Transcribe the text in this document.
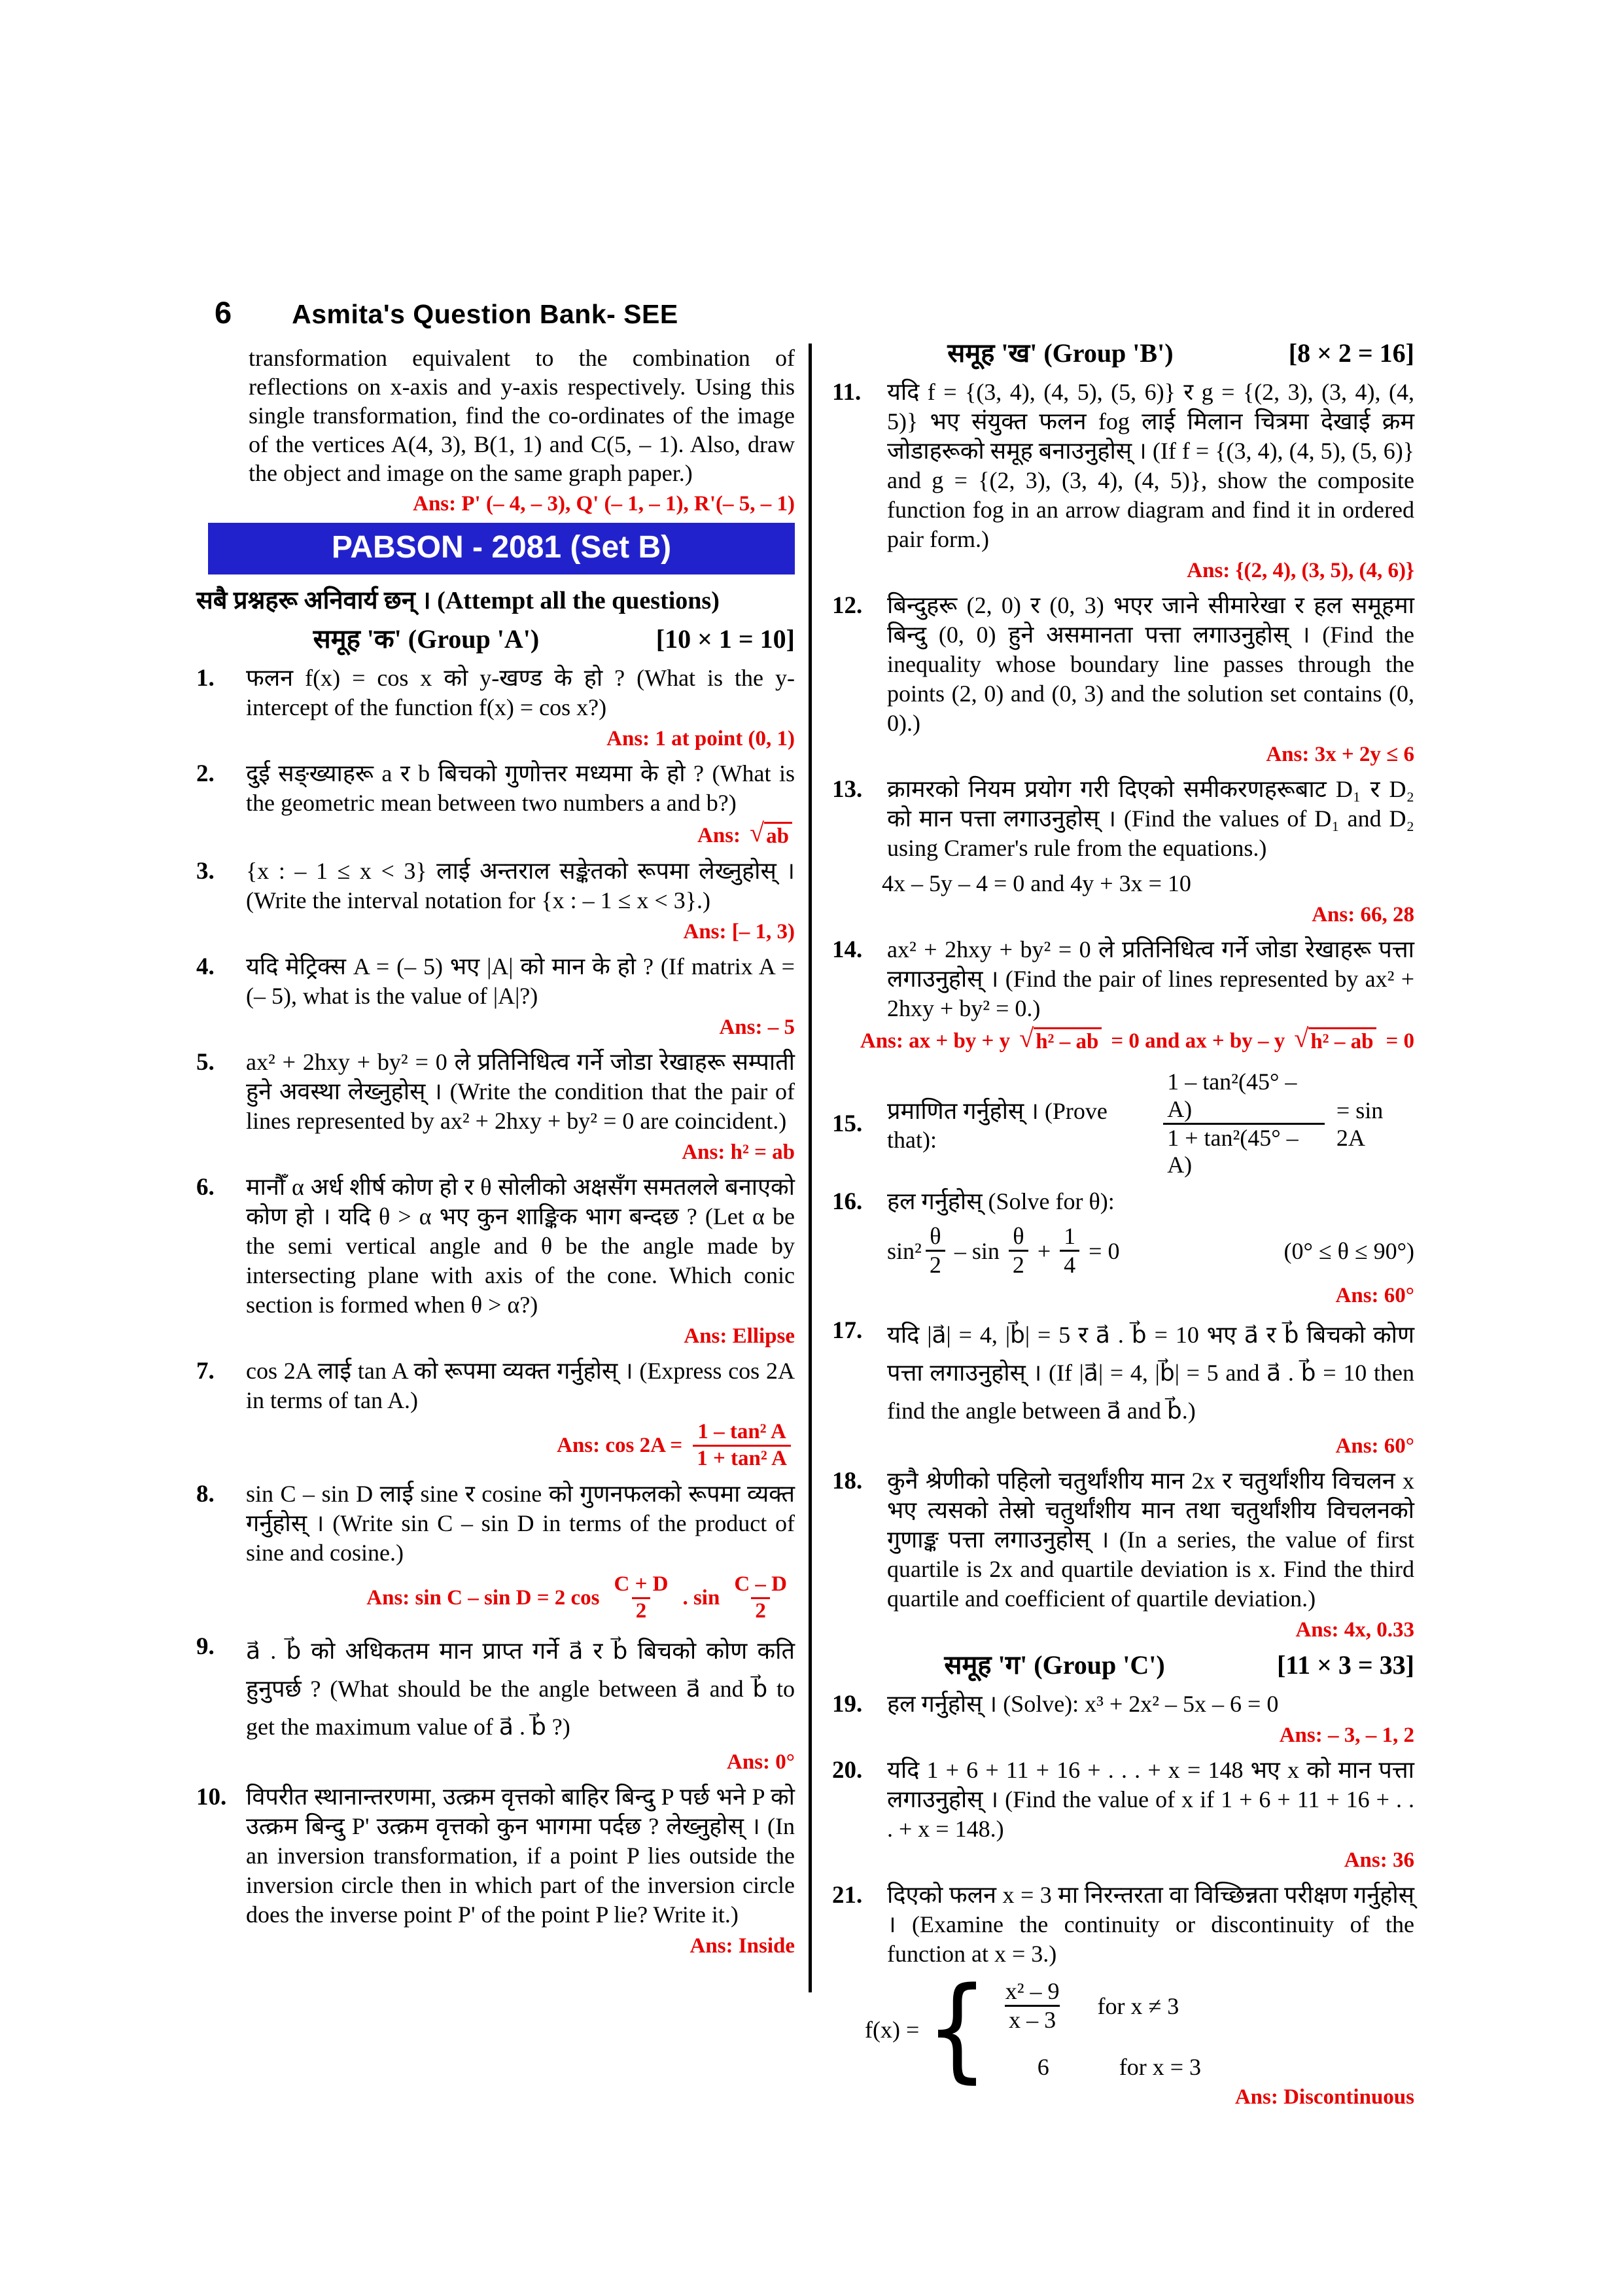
6 Asmita's Question Bank- SEE

transformation equivalent to the combination of reflections on x-axis and y-axis respectively. Using this single transformation, find the co-ordinates of the image of the vertices A(4, 3), B(1, 1) and C(5, – 1). Also, draw the object and image on the same graph paper.)

Ans: P' (– 4, – 3), Q' (– 1, – 1), R'(– 5, – 1)
PABSON - 2081 (Set B)
सबै प्रश्नहरू अनिवार्य छन् । (Attempt all the questions)
समूह 'क' (Group 'A')	[10 × 1 = 10]
1.	फलन f(x) = cos x को y-खण्ड के हो ? (What is the y-intercept of the function f(x) = cos x?)
Ans: 1 at point (0, 1)
2.	दुई सङ्ख्याहरू a र b बिचको गुणोत्तर मध्यमा के हो ? (What is the geometric mean between two numbers a and b?)
Ans: √ ab
3.	{x : – 1 ≤ x < 3} लाई अन्तराल सङ्केतको रूपमा लेख्नुहोस् । (Write the interval notation for {x : – 1 ≤ x < 3}.)
Ans: [– 1, 3)
4.	यदि मेट्रिक्स A = (– 5) भए |A| को मान के हो ? (If matrix A = (– 5), what is the value of |A|?)
Ans: – 5
5.	ax² + 2hxy + by² = 0 ले प्रतिनिधित्व गर्ने जोडा रेखाहरू सम्पाती हुने अवस्था लेख्नुहोस् । (Write the condition that the pair of lines represented by ax² + 2hxy + by² = 0 are coincident.)
Ans: h² = ab
6.	मानौँ α अर्ध शीर्ष कोण हो र θ सोलीको अक्षसँग समतलले बनाएको कोण हो । यदि θ > α भए कुन शाङ्किक भाग बन्दछ ? (Let α be the semi vertical angle and θ be the angle made by intersecting plane with axis of the cone. Which conic section is formed when θ > α?)
Ans: Ellipse
7.	cos 2A लाई tan A को रूपमा व्यक्त गर्नुहोस् । (Express cos 2A in terms of tan A.)
Ans: $\cos 2A = \frac{\text{1 – tan² A}}{\text{1 + tan² A}}$
8.	sin C – sin D लाई sine र cosine को गुणनफलको रूपमा व्यक्त गर्नुहोस् । (Write sin C – sin D in terms of the product of sine and cosine.)
Ans: sin C – sin D = 2 $\cos \frac{C + D}{2}$ . $\sin \frac{C - D}{2}$
9.	a⃗ . b⃗ को अधिकतम मान प्राप्त गर्ने a⃗ र b⃗ बिचको कोण कति हुनुपर्छ ? (What should be the angle between a⃗ and b⃗ to get the maximum value of a⃗ . b⃗ ?)
Ans: 0°
10. विपरीत स्थानान्तरणमा, उत्क्रम वृत्तको बाहिर बिन्दु P पर्छ भने P को उत्क्रम बिन्दु P' उत्क्रम वृत्तको कुन भागमा पर्दछ ? लेख्नुहोस् । (In an inversion transformation, if a point P lies outside the inversion circle then in which part of the inversion circle does the inverse point P' of the point P lie? Write it.)
Ans: Inside
समूह 'ख' (Group 'B')	[8 × 2 = 16]
11.	यदि f = {(3, 4), (4, 5), (5, 6)} र g = {(2, 3), (3, 4), (4, 5)} भए संयुक्त फलन fog लाई मिलान चित्रमा देखाई क्रम जोडाहरूको समूह बनाउनुहोस् । (If f = {(3, 4), (4, 5), (5, 6)} and g = {(2, 3), (3, 4), (4, 5)}, show the composite function fog in an arrow diagram and find it in ordered pair form.)
Ans: {(2, 4), (3, 5), (4, 6)}
12.	बिन्दुहरू (2, 0) र (0, 3) भएर जाने सीमारेखा र हल समूहमा बिन्दु (0, 0) हुने असमानता पत्ता लगाउनुहोस् । (Find the inequality whose boundary line passes through the points (2, 0) and (0, 3) and the solution set contains (0, 0).)
Ans: 3x + 2y ≤ 6
13.	क्रामरको नियम प्रयोग गरी दिएको समीकरणहरूबाट D₁ र D₂ को मान पत्ता लगाउनुहोस् । (Find the values of D₁ and D₂ using Cramer's rule from the equations.)
4x – 5y – 4 = 0 and 4y + 3x = 10
Ans: 66, 28
14.	ax² + 2hxy + by² = 0 ले प्रतिनिधित्व गर्ने जोडा रेखाहरू पत्ता लगाउनुहोस् । (Find the pair of lines represented by ax² + 2hxy + by² = 0.)
Ans: ax + by + y √ h² – ab = 0 and ax + by – y √ h² – ab = 0
15.	प्रमाणित गर्नुहोस् । (Prove that):	$\frac{\text{1 – tan²(45° – A)}}{\text{1 + tan²(45° – A)}} = \sin 2A$
16.	हल गर्नुहोस् (Solve for θ):
$\sin^2 \frac{\theta}{2} - \sin \frac{\theta}{2} + \frac{1}{4} = 0$	(0° ≤ θ ≤ 90°)
Ans: 60°
17.	यदि |a⃗| = 4, |b⃗| = 5 र a⃗ . b⃗ = 10 भए a⃗ र b⃗ बिचको कोण पत्ता लगाउनुहोस् । (If |a⃗| = 4, |b⃗| = 5 and a⃗ . b⃗ = 10 then find the angle between a⃗ and b⃗.)
Ans: 60°
18.	कुनै श्रेणीको पहिलो चतुर्थांशीय मान 2x र चतुर्थांशीय विचलन x भए त्यसको तेस्रो चतुर्थांशीय मान तथा चतुर्थांशीय विचलनको गुणाङ्क पत्ता लगाउनुहोस् । (In a series, the value of first quartile is 2x and quartile deviation is x. Find the third quartile and coefficient of quartile deviation.)
Ans: 4x, 0.33
समूह 'ग' (Group 'C')	[11 × 3 = 33]
19.	हल गर्नुहोस् । (Solve): x³ + 2x² – 5x – 6 = 0
Ans: – 3, – 1, 2
20.	यदि 1 + 6 + 11 + 16 + . . . + x = 148 भए x को मान पत्ता लगाउनुहोस् । (Find the value of x if 1 + 6 + 11 + 16 + . . . + x = 148.)
Ans: 36
21.	दिएको फलन x = 3 मा निरन्तरता वा विच्छिन्नता परीक्षण गर्नुहोस् । (Examine the continuity or discontinuity of the function at x = 3.)
f(x) = { $\frac{\text{x² – 9}}{x - 3}$ for x ≠ 3
6	for x = 3
Ans: Discontinuous
